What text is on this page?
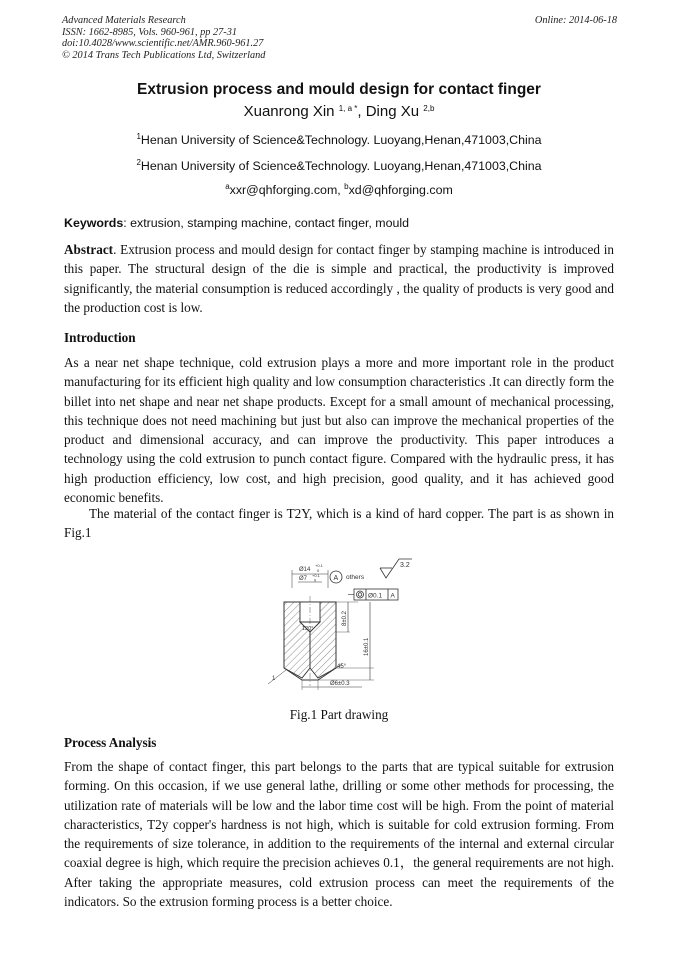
Advanced Materials Research
ISSN: 1662-8985, Vols. 960-961, pp 27-31
doi:10.4028/www.scientific.net/AMR.960-961.27
© 2014 Trans Tech Publications Ltd, Switzerland
Online: 2014-06-18
Extrusion process and mould design for contact finger
Xuanrong Xin $^{1, a *}$, Ding Xu $^{2,b}$
$^1$Henan University of Science&Technology. Luoyang,Henan,471003,China
$^2$Henan University of Science&Technology. Luoyang,Henan,471003,China
$^a$xxr@qhforging.com, $^b$xd@qhforging.com
Keywords: extrusion, stamping machine, contact finger, mould
Abstract. Extrusion process and mould design for contact finger by stamping machine is introduced in this paper. The structural design of the die is simple and practical, the productivity is improved significantly, the material consumption is reduced accordingly , the quality of products is very good and the production cost is low.
Introduction
As a near net shape technique, cold extrusion plays a more and more important role in the product manufacturing for its efficient high quality and low consumption characteristics .It can directly form the billet into net shape and near net shape products. Except for a small amount of mechanical processing, this technique does not need machining but just but also can improve the mechanical properties of the product and dimensional accuracy, and can improve the productivity. This paper introduces a technology using the cold extrusion to punch contact figure. Compared with the hydraulic press, it has high production efficiency, low cost, and high precision, good quality, and it has achieved good economic benefits.
The material of the contact finger is T2Y, which is a kind of hard copper. The part is as shown in Fig.1
3.2
A others
Ø0.1 A
Ø14
+0.1
0
Ø7
+0.1
0
120°
8±0.2
16±0.1
45°
Ø6±0.3
1
Fig.1 Part drawing
Process Analysis
From the shape of contact finger, this part belongs to the parts that are typical suitable for extrusion forming. On this occasion, if we use general lathe, drilling or some other methods for processing, the utilization rate of materials will be low and the labor time cost will be high. From the point of material characteristics, T2y copper's hardness is not high, which is suitable for cold extrusion forming. From the requirements of size tolerance, in addition to the requirements of the internal and external circular coaxial degree is high, which require the precision achieves 0.1，the general requirements are not high. After taking the appropriate measures, cold extrusion process can meet the requirements of the indicators. So the extrusion forming process is a better choice.
